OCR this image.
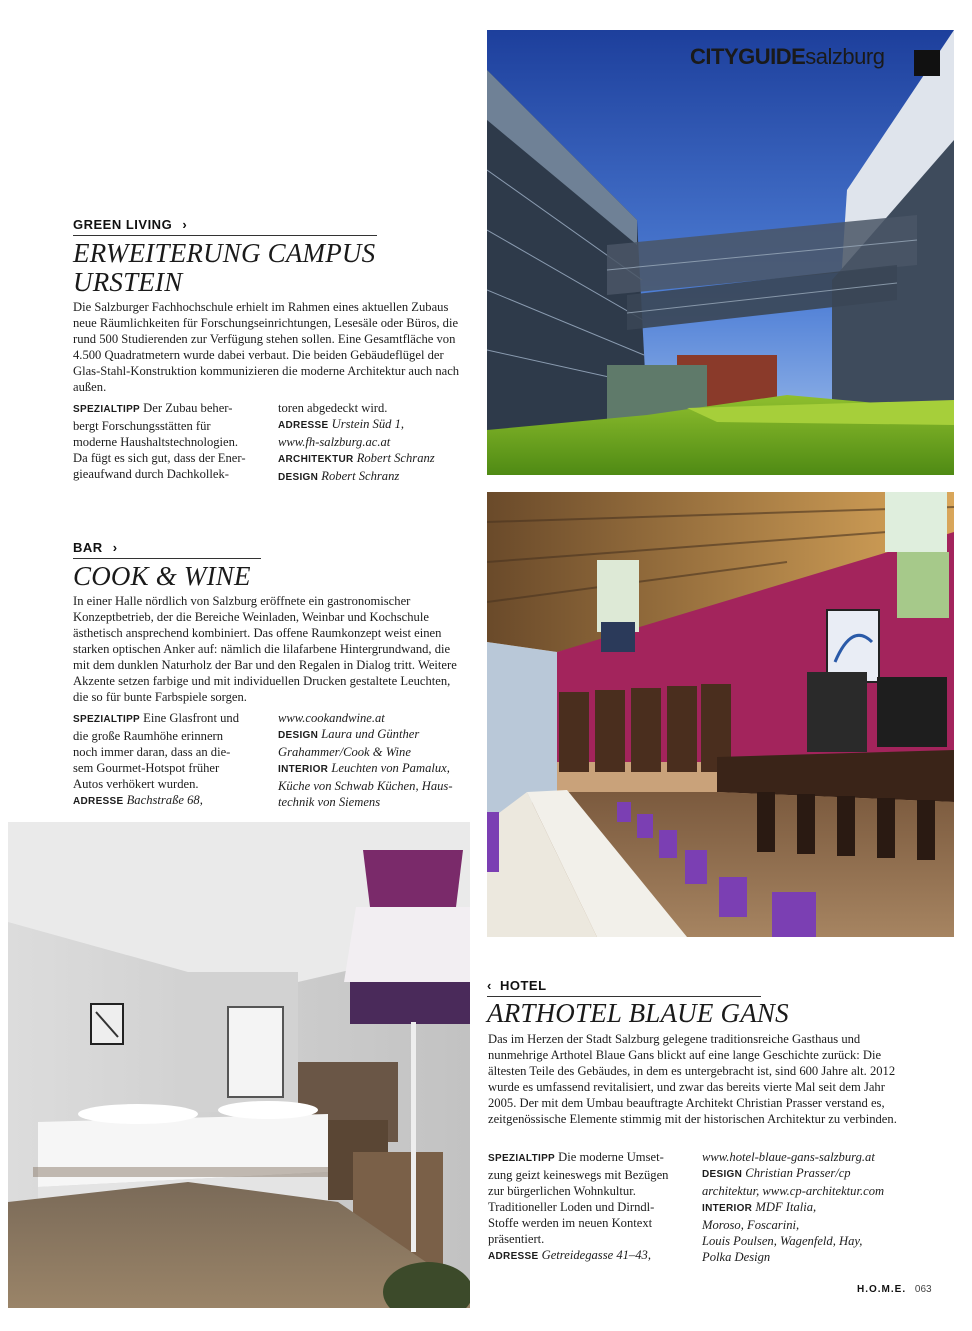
CITYGUIDEsalzburg
GREEN LIVING ›
ERWEITERUNG CAMPUS
URSTEIN
Die Salzburger Fachhochschule erhielt im Rahmen eines aktuellen Zubaus neue Räumlichkeiten für Forschungseinrichtungen, Lesesäle oder Büros, die rund 500 Studierenden zur Verfügung stehen sollen. Eine Gesamtfläche von 4.500 Quadratmetern wurde dabei verbaut. Die beiden Gebäudeflügel der Glas-Stahl-Konstruktion kommunizieren die moderne Architektur auch nach außen.
SPEZIALTIPP Der Zubau beher-
bergt Forschungsstätten für
moderne Haushaltstechnologien.
Da fügt es sich gut, dass der Ener-
gieaufwand durch Dachkollek-
toren abgedeckt wird.
ADRESSE Urstein Süd 1,
www.fh-salzburg.ac.at
ARCHITEKTUR Robert Schranz
DESIGN Robert Schranz
BAR ›
COOK & WINE
In einer Halle nördlich von Salzburg eröffnete ein gastronomischer Konzeptbetrieb, der die Bereiche Weinladen, Weinbar und Kochschule ästhetisch ansprechend kombiniert. Das offene Raumkonzept weist einen starken optischen Anker auf: nämlich die lilafarbene Hintergrundwand, die mit dem dunklen Naturholz der Bar und den Regalen in Dialog tritt. Weitere Akzente setzen farbige und mit individuellen Drucken gestaltete Leuchten, die so für bunte Farbspiele sorgen.
SPEZIALTIPP Eine Glasfront und
die große Raumhöhe erinnern
noch immer daran, dass an die-
sem Gourmet-Hotspot früher
Autos verhökert wurden.
ADRESSE Bachstraße 68,
www.cookandwine.at
DESIGN Laura und Günther
Grahammer/Cook & Wine
INTERIOR Leuchten von Pamalux,
Küche von Schwab Küchen, Haus-
technik von Siemens
‹ HOTEL
ARTHOTEL BLAUE GANS
Das im Herzen der Stadt Salzburg gelegene traditionsreiche Gasthaus und nunmehrige Arthotel Blaue Gans blickt auf eine lange Geschichte zurück: Die ältesten Teile des Gebäudes, in dem es untergebracht ist, sind 600 Jahre alt. 2012 wurde es umfassend revitalisiert, und zwar das bereits vierte Mal seit dem Jahr 2005. Der mit dem Umbau beauftragte Architekt Christian Prasser verstand es, zeitgenössische Elemente stimmig mit der historischen Architektur zu verbinden.
SPEZIALTIPP Die moderne Umset-
zung geizt keineswegs mit Bezügen
zur bürgerlichen Wohnkultur.
Traditioneller Loden und Dirndl-
Stoffe werden im neuen Kontext
präsentiert.
ADRESSE Getreidegasse 41–43,
www.hotel-blaue-gans-salzburg.at
DESIGN Christian Prasser/cp
architektur, www.cp-architektur.com
INTERIOR MDF Italia,
Moroso, Foscarini,
Louis Poulsen, Wagenfeld, Hay,
Polka Design
H.O.M.E. 063
